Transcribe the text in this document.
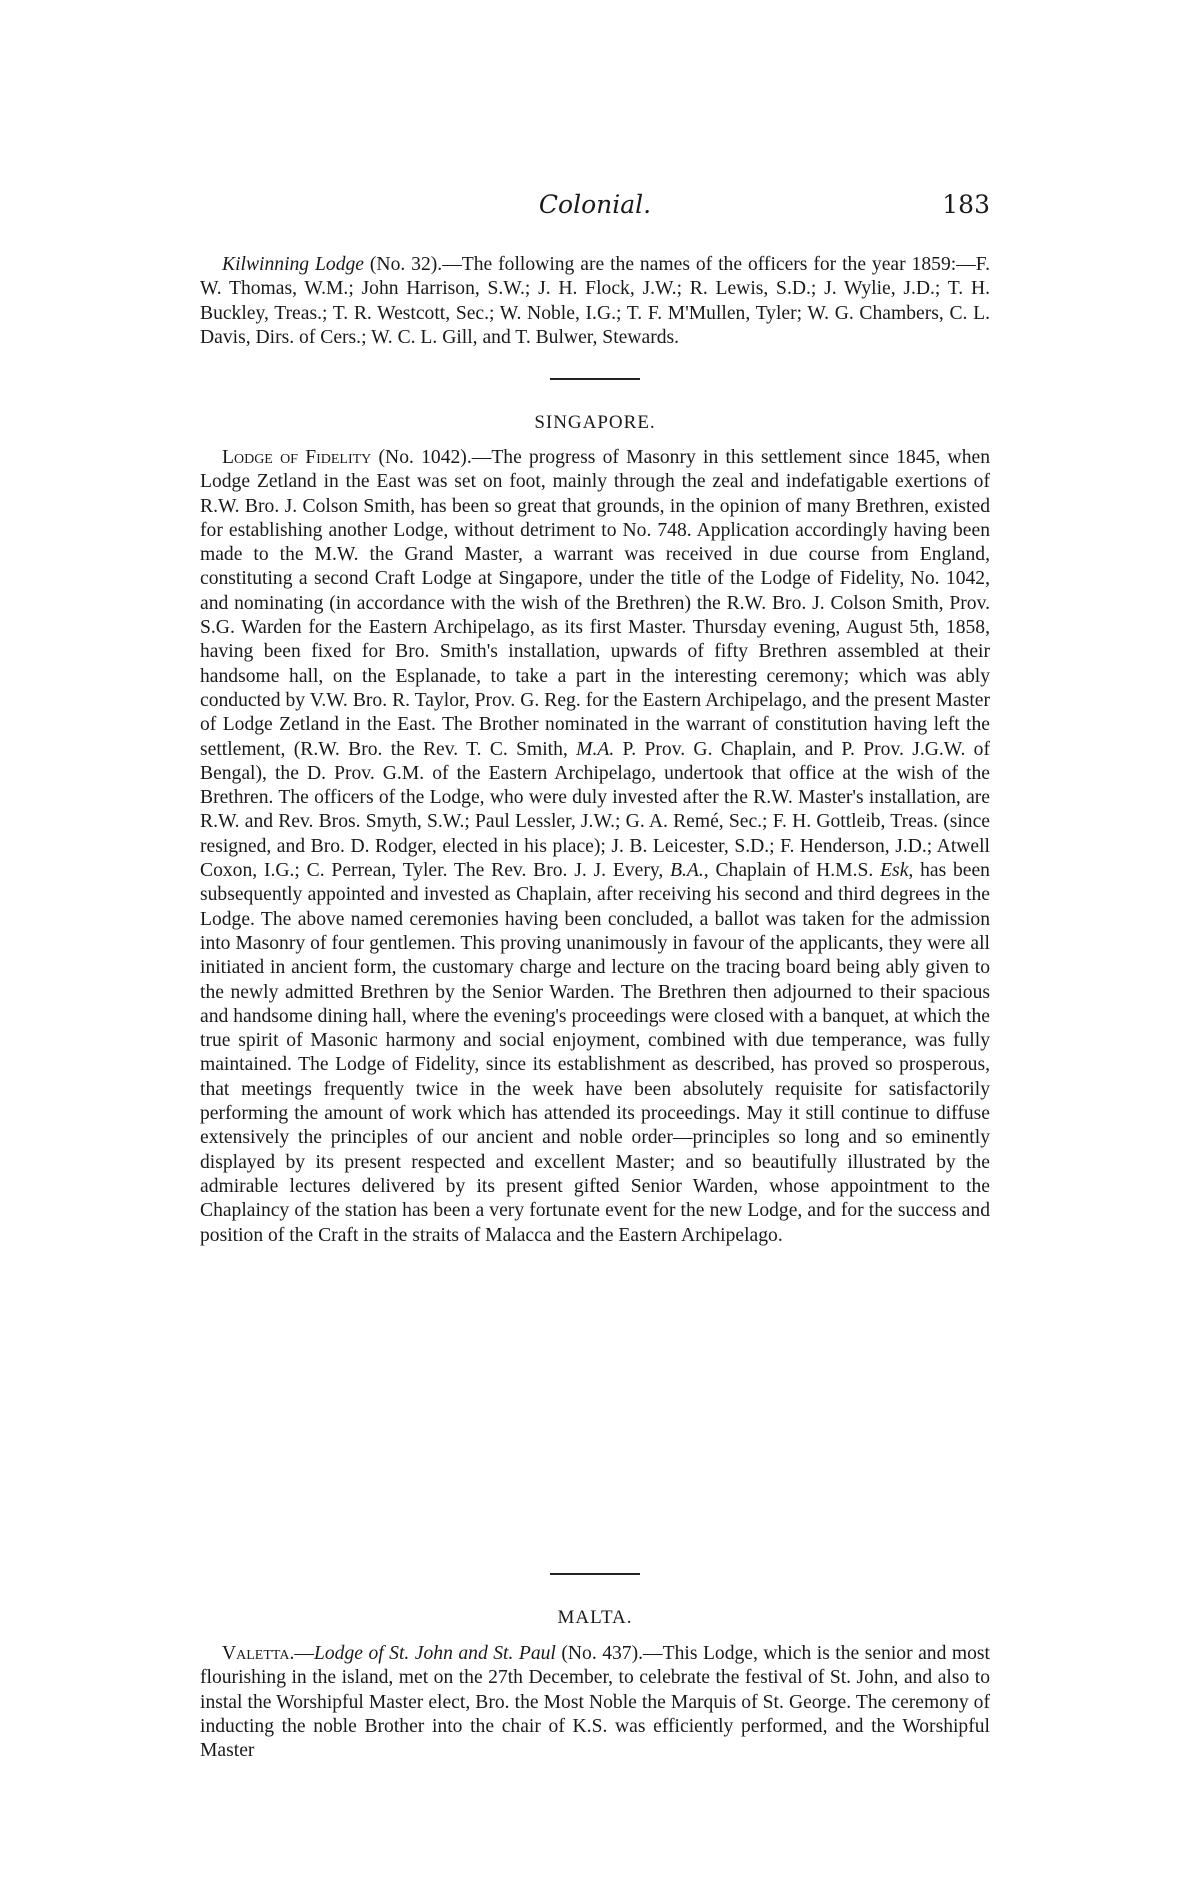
Colonial.	183

Kilwinning Lodge (No. 32).—The following are the names of the officers for the year 1859:—F. W. Thomas, W.M.; John Harrison, S.W.; J. H. Flock, J.W.; R. Lewis, S.D.; J. Wylie, J.D.; T. H. Buckley, Treas.; T. R. Westcott, Sec.; W. Noble, I.G.; T. F. M'Mullen, Tyler; W. G. Chambers, C. L. Davis, Dirs. of Cers.; W. C. L. Gill, and T. Bulwer, Stewards.

SINGAPORE.

Lodge of Fidelity (No. 1042).—The progress of Masonry in this settlement since 1845, when Lodge Zetland in the East was set on foot, mainly through the zeal and indefatigable exertions of R.W. Bro. J. Colson Smith, has been so great that grounds, in the opinion of many Brethren, existed for establishing another Lodge, without detriment to No. 748. Application accordingly having been made to the M.W. the Grand Master, a warrant was received in due course from England, constituting a second Craft Lodge at Singapore, under the title of the Lodge of Fidelity, No. 1042, and nominating (in accordance with the wish of the Brethren) the R.W. Bro. J. Colson Smith, Prov. S.G. Warden for the Eastern Archipelago, as its first Master. Thursday evening, August 5th, 1858, having been fixed for Bro. Smith's installation, upwards of fifty Brethren assembled at their handsome hall, on the Esplanade, to take a part in the interesting ceremony; which was ably conducted by V.W. Bro. R. Taylor, Prov. G. Reg. for the Eastern Archipelago, and the present Master of Lodge Zetland in the East. The Brother nominated in the warrant of constitution having left the settlement, (R.W. Bro. the Rev. T. C. Smith, M.A. P. Prov. G. Chaplain, and P. Prov. J.G.W. of Bengal), the D. Prov. G.M. of the Eastern Archipelago, undertook that office at the wish of the Brethren. The officers of the Lodge, who were duly invested after the R.W. Master's installation, are R.W. and Rev. Bros. Smyth, S.W.; Paul Lessler, J.W.; G. A. Remé, Sec.; F. H. Gottleib, Treas. (since resigned, and Bro. D. Rodger, elected in his place); J. B. Leicester, S.D.; F. Henderson, J.D.; Atwell Coxon, I.G.; C. Perrean, Tyler. The Rev. Bro. J. J. Every, B.A., Chaplain of H.M.S. Esk, has been subsequently appointed and invested as Chaplain, after receiving his second and third degrees in the Lodge. The above named ceremonies having been concluded, a ballot was taken for the admission into Masonry of four gentlemen. This proving unanimously in favour of the applicants, they were all initiated in ancient form, the customary charge and lecture on the tracing board being ably given to the newly admitted Brethren by the Senior Warden. The Brethren then adjourned to their spacious and handsome dining hall, where the evening's proceedings were closed with a banquet, at which the true spirit of Masonic harmony and social enjoyment, combined with due temperance, was fully maintained. The Lodge of Fidelity, since its establishment as described, has proved so prosperous, that meetings frequently twice in the week have been absolutely requisite for satisfactorily performing the amount of work which has attended its proceedings. May it still continue to diffuse extensively the principles of our ancient and noble order—principles so long and so eminently displayed by its present respected and excellent Master; and so beautifully illustrated by the admirable lectures delivered by its present gifted Senior Warden, whose appointment to the Chaplaincy of the station has been a very fortunate event for the new Lodge, and for the success and position of the Craft in the straits of Malacca and the Eastern Archipelago.

MALTA.

Valetta.—Lodge of St. John and St. Paul (No. 437).—This Lodge, which is the senior and most flourishing in the island, met on the 27th December, to celebrate the festival of St. John, and also to instal the Worshipful Master elect, Bro. the Most Noble the Marquis of St. George. The ceremony of inducting the noble Brother into the chair of K.S. was efficiently performed, and the Worshipful Master
